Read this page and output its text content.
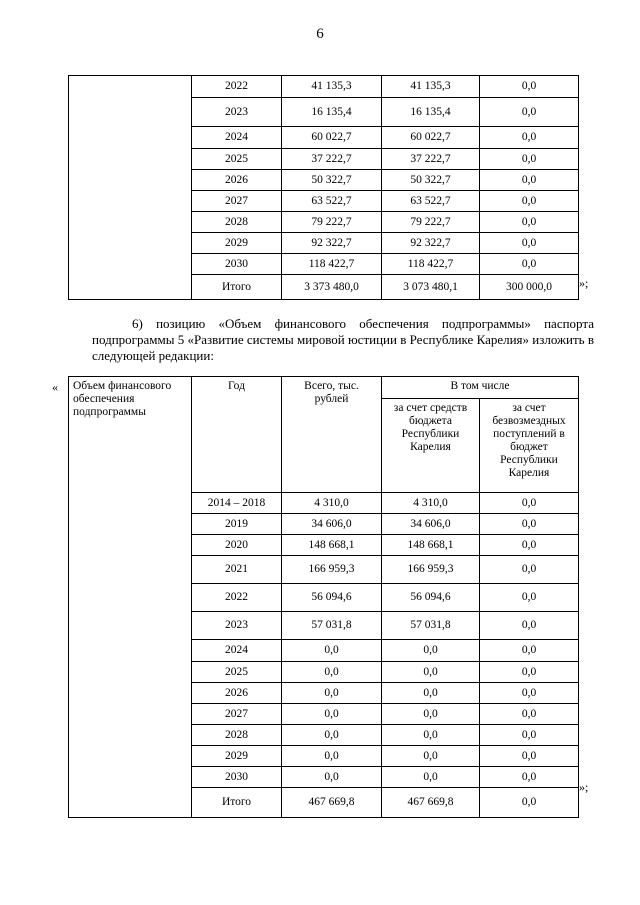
6
	2022	41 135,3	41 135,3	0,0
	2023	16 135,4	16 135,4	0,0
	2024	60 022,7	60 022,7	0,0
	2025	37 222,7	37 222,7	0,0
	2026	50 322,7	50 322,7	0,0
	2027	63 522,7	63 522,7	0,0
	2028	79 222,7	79 222,7	0,0
	2029	92 322,7	92 322,7	0,0
	2030	118 422,7	118 422,7	0,0
	Итого	3 373 480,0	3 073 480,1	300 000,0 »;
6) позицию «Объем финансового обеспечения подпрограммы» паспорта подпрограммы 5 «Развитие системы мировой юстиции в Республике Карелия» изложить в следующей редакции:
« Объем финансового обеспечения подпрограммы	Год	Всего, тыс. рублей	В том числе	
			за счет средств бюджета Республики Карелия	за счет безвозмездных поступлений в бюджет Республики Карелия
	2014 – 2018	4 310,0	4 310,0	0,0
	2019	34 606,0	34 606,0	0,0
	2020	148 668,1	148 668,1	0,0
	2021	166 959,3	166 959,3	0,0
	2022	56 094,6	56 094,6	0,0
	2023	57 031,8	57 031,8	0,0
	2024	0,0	0,0	0,0
	2025	0,0	0,0	0,0
	2026	0,0	0,0	0,0
	2027	0,0	0,0	0,0
	2028	0,0	0,0	0,0
	2029	0,0	0,0	0,0
	2030	0,0	0,0	0,0
	Итого	467 669,8	467 669,8	0,0
»;
